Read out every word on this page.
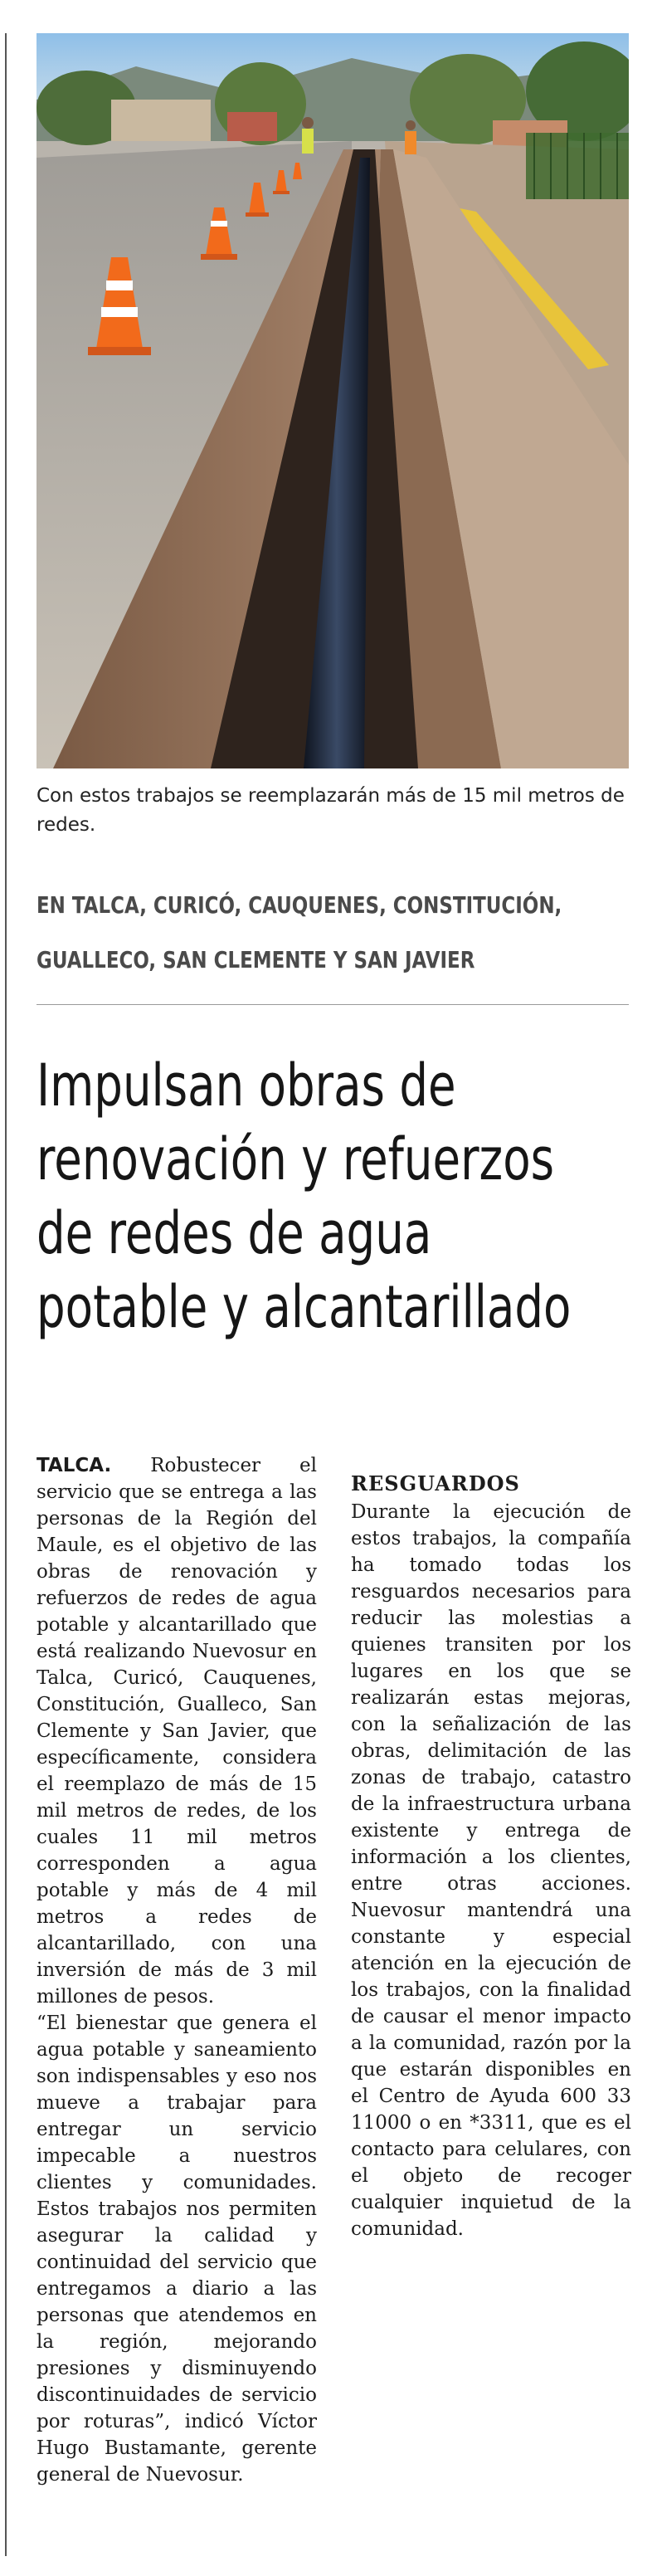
Con estos trabajos se reemplazarán más de 15 mil metros de redes.
EN TALCA, CURICÓ, CAUQUENES, CONSTITUCIÓN,
GUALLECO, SAN CLEMENTE Y SAN JAVIER
Impulsan obras de
renovación y refuerzos
de redes de agua
potable y alcantarillado

TALCA. Robustecer el servicio que se entrega a las personas de la Región del Maule, es el objetivo de las obras de renovación y refuerzos de redes de agua potable y alcantarillado que está realizando Nuevosur en Talca, Curicó, Cauquenes, Constitución, Gualleco, San Clemente y San Javier, que específicamente, considera el reemplazo de más de 15 mil metros de redes, de los cuales 11 mil metros corresponden a agua potable y más de 4 mil metros a redes de alcantarillado, con una inversión de más de 3 mil millones de pesos.

“El bienestar que genera el agua potable y saneamiento son indispensables y eso nos mueve a trabajar para entregar un servicio impecable a nuestros clientes y comunidades. Estos trabajos nos permiten asegurar la calidad y continuidad del servicio que entregamos a diario a las personas que atendemos en la región, mejorando presiones y disminuyendo discontinuidades de servicio por roturas”, indicó Víctor Hugo Bustamante, gerente general de Nuevosur.

RESGUARDOS

Durante la ejecución de estos trabajos, la compañía ha tomado todas los resguardos necesarios para reducir las molestias a quienes transiten por los lugares en los que se realizarán estas mejoras, con la señalización de las obras, delimitación de las zonas de trabajo, catastro de la infraestructura urbana existente y entrega de información a los clientes, entre otras acciones. Nuevosur mantendrá una constante y especial atención en la ejecución de los trabajos, con la finalidad de causar el menor impacto a la comunidad, razón por la que estarán disponibles en el Centro de Ayuda 600 33 11000 o en *3311, que es el contacto para celulares, con el objeto de recoger cualquier inquietud de la comunidad.
